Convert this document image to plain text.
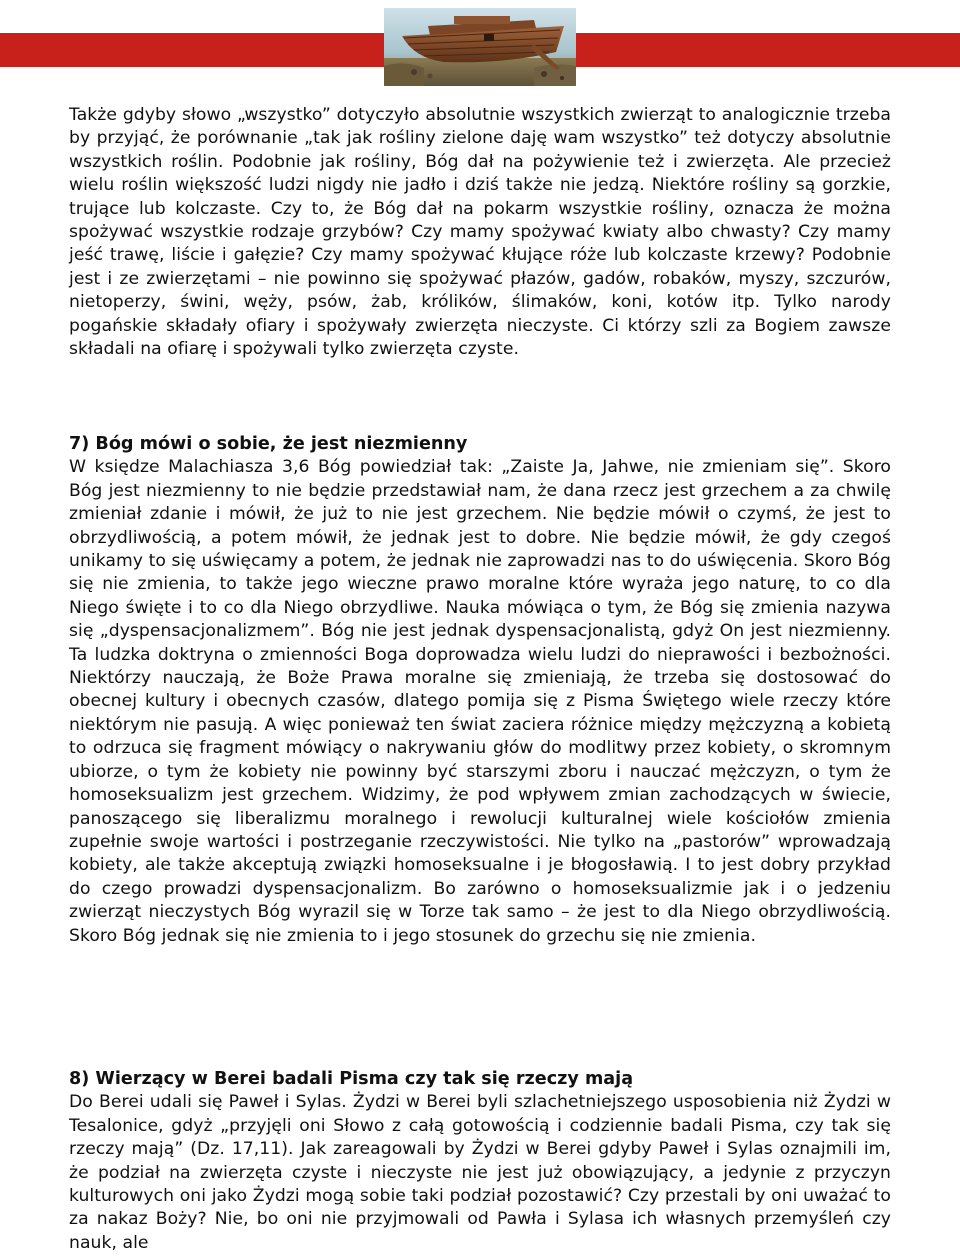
Także gdyby słowo „wszystko” dotyczyło absolutnie wszystkich zwierząt to analogicznie trzeba by przyjąć, że porównanie „tak jak rośliny zielone daję wam wszystko” też dotyczy absolutnie wszystkich roślin. Podobnie jak rośliny, Bóg dał na pożywienie też i zwierzęta. Ale przecież wielu roślin większość ludzi nigdy nie jadło i dziś także nie jedzą. Niektóre rośliny są gorzkie, trujące lub kolczaste. Czy to, że Bóg dał na pokarm wszystkie rośliny, oznacza że można spożywać wszystkie rodzaje grzybów? Czy mamy spożywać kwiaty albo chwasty? Czy mamy jeść trawę, liście i gałęzie? Czy mamy spożywać kłujące róże lub kolczaste krzewy? Podobnie jest i ze zwierzętami – nie powinno się spożywać płazów, gadów, robaków, myszy, szczurów, nietoperzy, świni, węży, psów, żab, królików, ślimaków, koni, kotów itp. Tylko narody pogańskie składały ofiary i spożywały zwierzęta nieczyste. Ci którzy szli za Bogiem zawsze składali na ofiarę i spożywali tylko zwierzęta czyste.

7) Bóg mówi o sobie, że jest niezmienny

W księdze Malachiasza 3,6 Bóg powiedział tak: „Zaiste Ja, Jahwe, nie zmieniam się”. Skoro Bóg jest niezmienny to nie będzie przedstawiał nam, że dana rzecz jest grzechem a za chwilę zmieniał zdanie i mówił, że już to nie jest grzechem. Nie będzie mówił o czymś, że jest to obrzydliwością, a potem mówił, że jednak jest to dobre. Nie będzie mówił, że gdy czegoś unikamy to się uświęcamy a potem, że jednak nie zaprowadzi nas to do uświęcenia. Skoro Bóg się nie zmienia, to także jego wieczne prawo moralne które wyraża jego naturę, to co dla Niego święte i to co dla Niego obrzydliwe. Nauka mówiąca o tym, że Bóg się zmienia nazywa się „dyspensacjonalizmem”. Bóg nie jest jednak dyspensacjonalistą, gdyż On jest niezmienny. Ta ludzka doktryna o zmienności Boga doprowadza wielu ludzi do nieprawości i bezbożności. Niektórzy nauczają, że Boże Prawa moralne się zmieniają, że trzeba się dostosować do obecnej kultury i obecnych czasów, dlatego pomija się z Pisma Świętego wiele rzeczy które niektórym nie pasują. A więc ponieważ ten świat zaciera różnice między mężczyzną a kobietą to odrzuca się fragment mówiący o nakrywaniu głów do modlitwy przez kobiety, o skromnym ubiorze, o tym że kobiety nie powinny być starszymi zboru i nauczać mężczyzn, o tym że homoseksualizm jest grzechem. Widzimy, że pod wpływem zmian zachodzących w świecie, panoszącego się liberalizmu moralnego i rewolucji kulturalnej wiele kościołów zmienia zupełnie swoje wartości i postrzeganie rzeczywistości. Nie tylko na „pastorów” wprowadzają kobiety, ale także akceptują związki homoseksualne i je błogosławią. I to jest dobry przykład do czego prowadzi dyspensacjonalizm. Bo zarówno o homoseksualizmie jak i o jedzeniu zwierząt nieczystych Bóg wyrazil się w Torze tak samo – że jest to dla Niego obrzydliwością. Skoro Bóg jednak się nie zmienia to i jego stosunek do grzechu się nie zmienia.

8) Wierzący w Berei badali Pisma czy tak się rzeczy mają

Do Berei udali się Paweł i Sylas. Żydzi w Berei byli szlachetniejszego usposobienia niż Żydzi w Tesalonice, gdyż „przyjęli oni Słowo z całą gotowością i codziennie badali Pisma, czy tak się rzeczy mają” (Dz. 17,11). Jak zareagowali by Żydzi w Berei gdyby Paweł i Sylas oznajmili im, że podział na zwierzęta czyste i nieczyste nie jest już obowiązujący, a jedynie z przyczyn kulturowych oni jako Żydzi mogą sobie taki podział pozostawić? Czy przestali by oni uważać to za nakaz Boży? Nie, bo oni nie przyjmowali od Pawła i Sylasa ich własnych przemyśleń czy nauk, ale
